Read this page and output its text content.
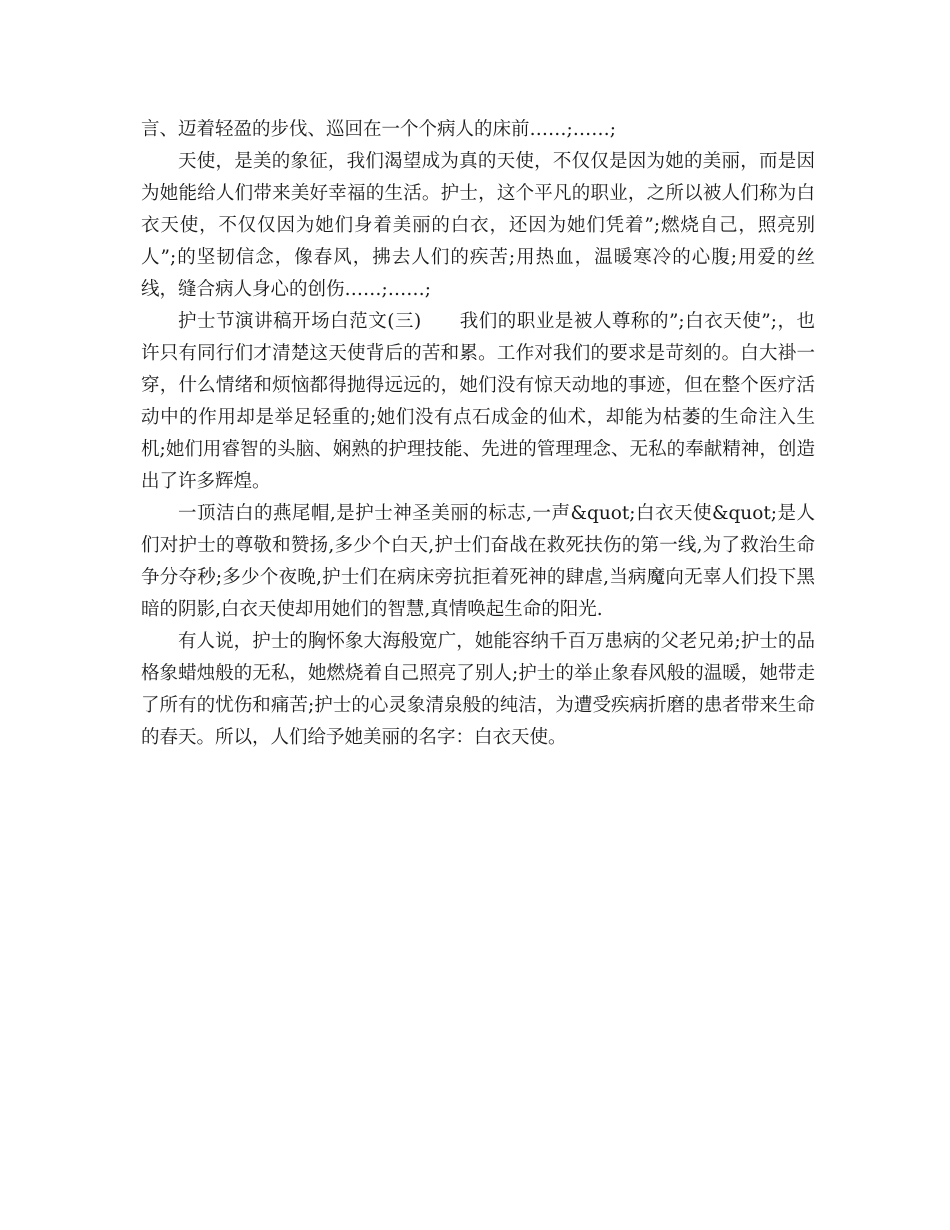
言、迈着轻盈的步伐、巡回在一个个病人的床前……;……;

天使，是美的象征，我们渴望成为真的天使，不仅仅是因为她的美丽，而是因为她能给人们带来美好幸福的生活。护士，这个平凡的职业，之所以被人们称为白衣天使，不仅仅因为她们身着美丽的白衣，还因为她们凭着”;燃烧自己，照亮别人”;的坚韧信念，像春风，拂去人们的疾苦;用热血，温暖寒冷的心腹;用爱的丝线，缝合病人身心的创伤……;……;

护士节演讲稿开场白范文(三)　　我们的职业是被人尊称的”;白衣天使”;，也许只有同行们才清楚这天使背后的苦和累。工作对我们的要求是苛刻的。白大褂一穿，什么情绪和烦恼都得抛得远远的，她们没有惊天动地的事迹，但在整个医疗活动中的作用却是举足轻重的;她们没有点石成金的仙术，却能为枯萎的生命注入生机;她们用睿智的头脑、娴熟的护理技能、先进的管理理念、无私的奉献精神，创造出了许多辉煌。

一顶洁白的燕尾帽,是护士神圣美丽的标志,一声&quot;白衣天使&quot;是人们对护士的尊敬和赞扬,多少个白天,护士们奋战在救死扶伤的第一线,为了救治生命争分夺秒;多少个夜晚,护士们在病床旁抗拒着死神的肆虐,当病魔向无辜人们投下黑暗的阴影,白衣天使却用她们的智慧,真情唤起生命的阳光.

有人说，护士的胸怀象大海般宽广，她能容纳千百万患病的父老兄弟;护士的品格象蜡烛般的无私，她燃烧着自己照亮了别人;护士的举止象春风般的温暖，她带走了所有的忧伤和痛苦;护士的心灵象清泉般的纯洁，为遭受疾病折磨的患者带来生命的春天。所以，人们给予她美丽的名字：白衣天使。
